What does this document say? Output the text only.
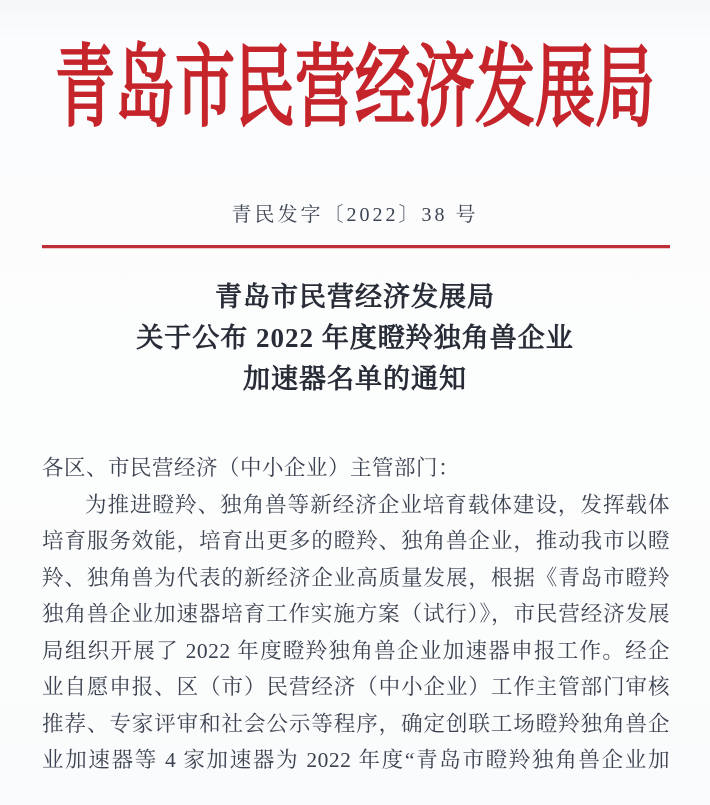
青岛市民营经济发展局
青民发字〔2022〕38 号
青岛市民营经济发展局
关于公布 2022 年度瞪羚独角兽企业
加速器名单的通知
各区、市民营经济（中小企业）主管部门：
为推进瞪羚、独角兽等新经济企业培育载体建设，发挥载体
培育服务效能，培育出更多的瞪羚、独角兽企业，推动我市以瞪
羚、独角兽为代表的新经济企业高质量发展，根据《青岛市瞪羚
独角兽企业加速器培育工作实施方案（试行）》，市民营经济发展
局组织开展了 2022 年度瞪羚独角兽企业加速器申报工作。经企
业自愿申报、区（市）民营经济（中小企业）工作主管部门审核
推荐、专家评审和社会公示等程序，确定创联工场瞪羚独角兽企
业加速器等 4 家加速器为 2022 年度“青岛市瞪羚独角兽企业加
